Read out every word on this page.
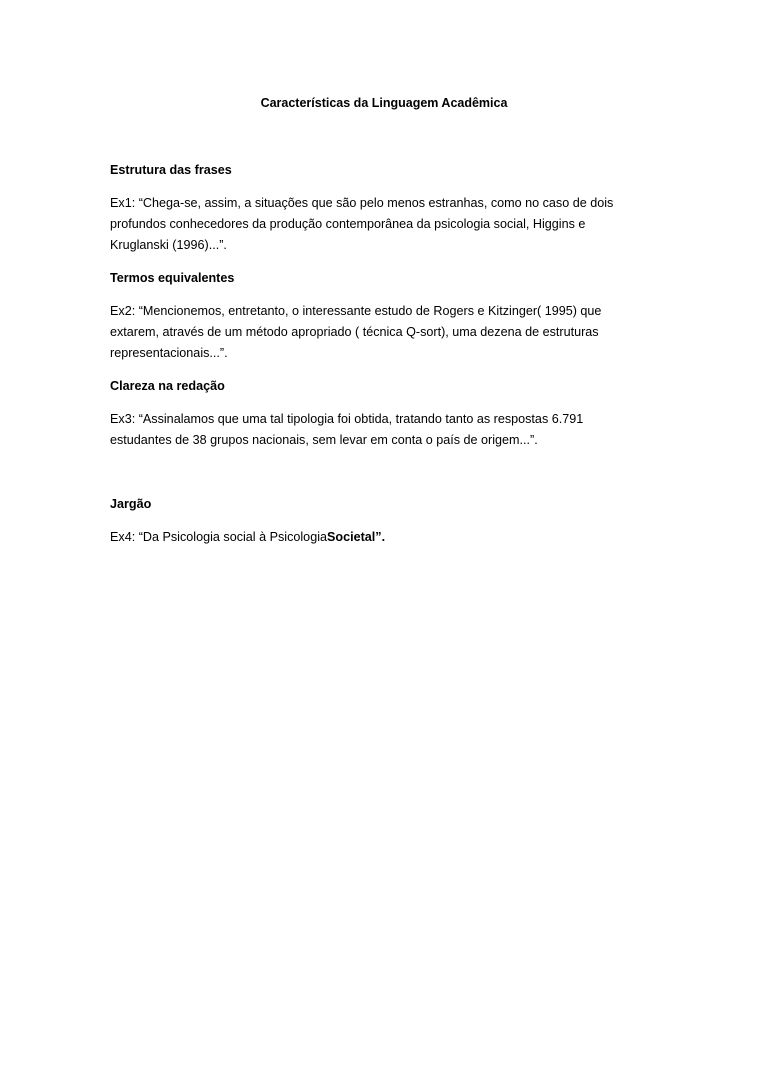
Características da Linguagem Acadêmica
Estrutura das frases
Ex1: “Chega-se, assim, a situações que são pelo menos estranhas, como no caso de dois profundos conhecedores da produção contemporânea da psicologia social, Higgins e Kruglanski (1996)...”.
Termos equivalentes
Ex2: “Mencionemos, entretanto, o interessante estudo de Rogers e Kitzinger( 1995) que extarem, através de um método apropriado ( técnica Q-sort), uma dezena de estruturas representacionais...”.
Clareza na redação
Ex3: “Assinalamos que uma tal tipologia foi obtida, tratando tanto as respostas 6.791 estudantes de 38 grupos nacionais, sem levar em conta o país de origem...”.
Jargão
Ex4: “Da Psicologia social à PsicologiaSocietal”.
